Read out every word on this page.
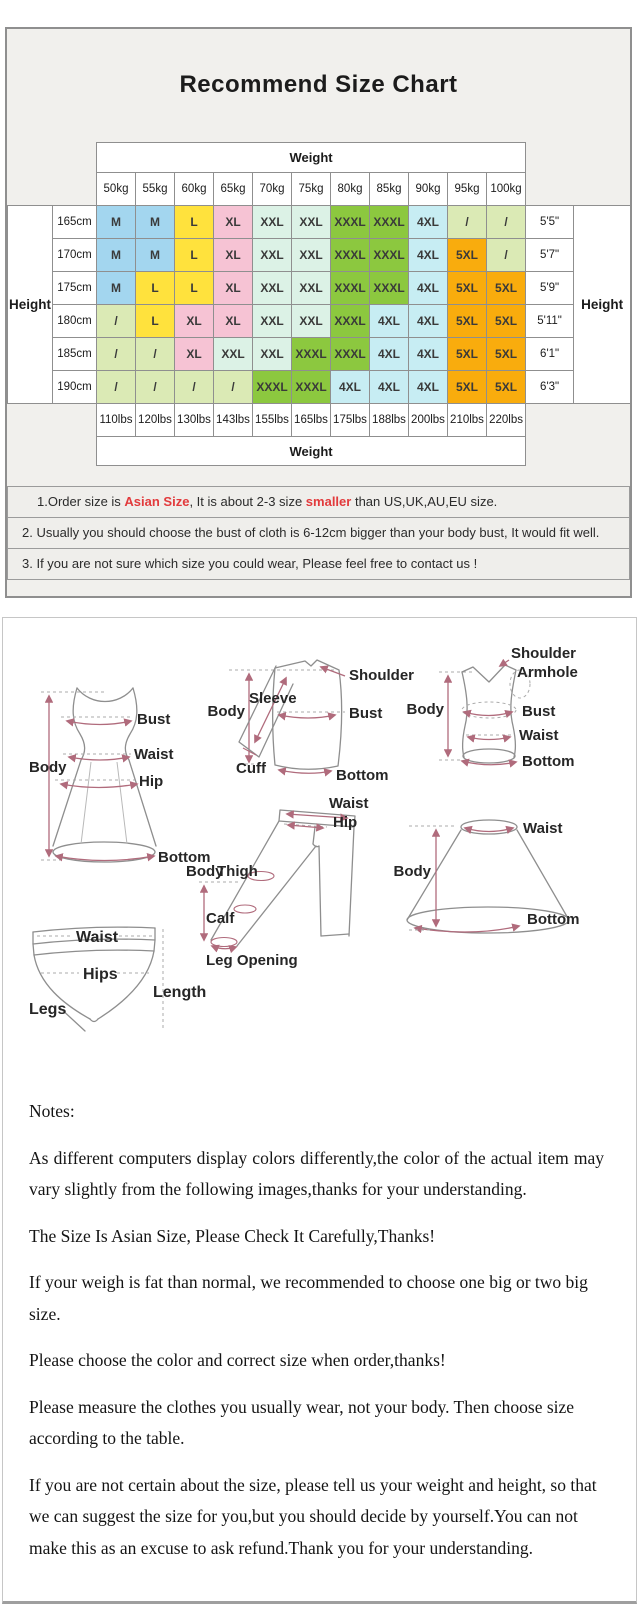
Recommend Size Chart
		Weight												
		50kg	55kg	60kg	65kg	70kg	75kg	80kg	85kg	90kg	95kg	100kg		
Height	165cm	M	M	L	XL	XXL	XXL	XXXL	XXXL	4XL	/	/	5'5"	Height
	170cm	M	M	L	XL	XXL	XXL	XXXL	XXXL	4XL	5XL	/	5'7"	
	175cm	M	L	L	XL	XXL	XXL	XXXL	XXXL	4XL	5XL	5XL	5'9"	
	180cm	/	L	XL	XL	XXL	XXL	XXXL	4XL	4XL	5XL	5XL	5'11"	
	185cm	/	/	XL	XXL	XXL	XXXL	XXXL	4XL	4XL	5XL	5XL	6'1"	
	190cm	/	/	/	/	XXXL	XXXL	4XL	4XL	4XL	5XL	5XL	6'3"	
		110lbs	120lbs	130lbs	143lbs	155lbs	165lbs	175lbs	188lbs	200lbs	210lbs	220lbs		
		Weight												
1.Order size is Asian Size, It is about 2-3 size smaller than US,UK,AU,EU size.
2. Usually you should choose the bust of cloth is 6-12cm bigger than your body bust, It would fit well.
3. If you are not sure which size you could wear, Please feel free to contact us !
Body
Bust
Waist
Hip
Bottom
Shoulder
Sleeve
Body	Bust
Cuff	Bottom
Shoulder
Armhole
Body	Bust
Waist
Bottom
Waist
Hip
Body
Thigh
Calf
Leg Opening
Waist
Body
Bottom
Waist
Hips
Legs
Length

Notes:

As different computers display colors differently,the color of the actual item may vary slightly from the following images,thanks for your understanding.

The Size Is Asian Size, Please Check It Carefully,Thanks!

If your weigh is fat than normal, we recommended to choose one big or two big size.

Please choose the color and correct size when order,thanks!

Please measure the clothes you usually wear, not your body. Then choose size according to the table.

If you are not certain about the size, please tell us your weight and height, so that we can suggest the size for you,but you should decide by yourself.You can not make this as an excuse to ask refund.Thank you for your understanding.
